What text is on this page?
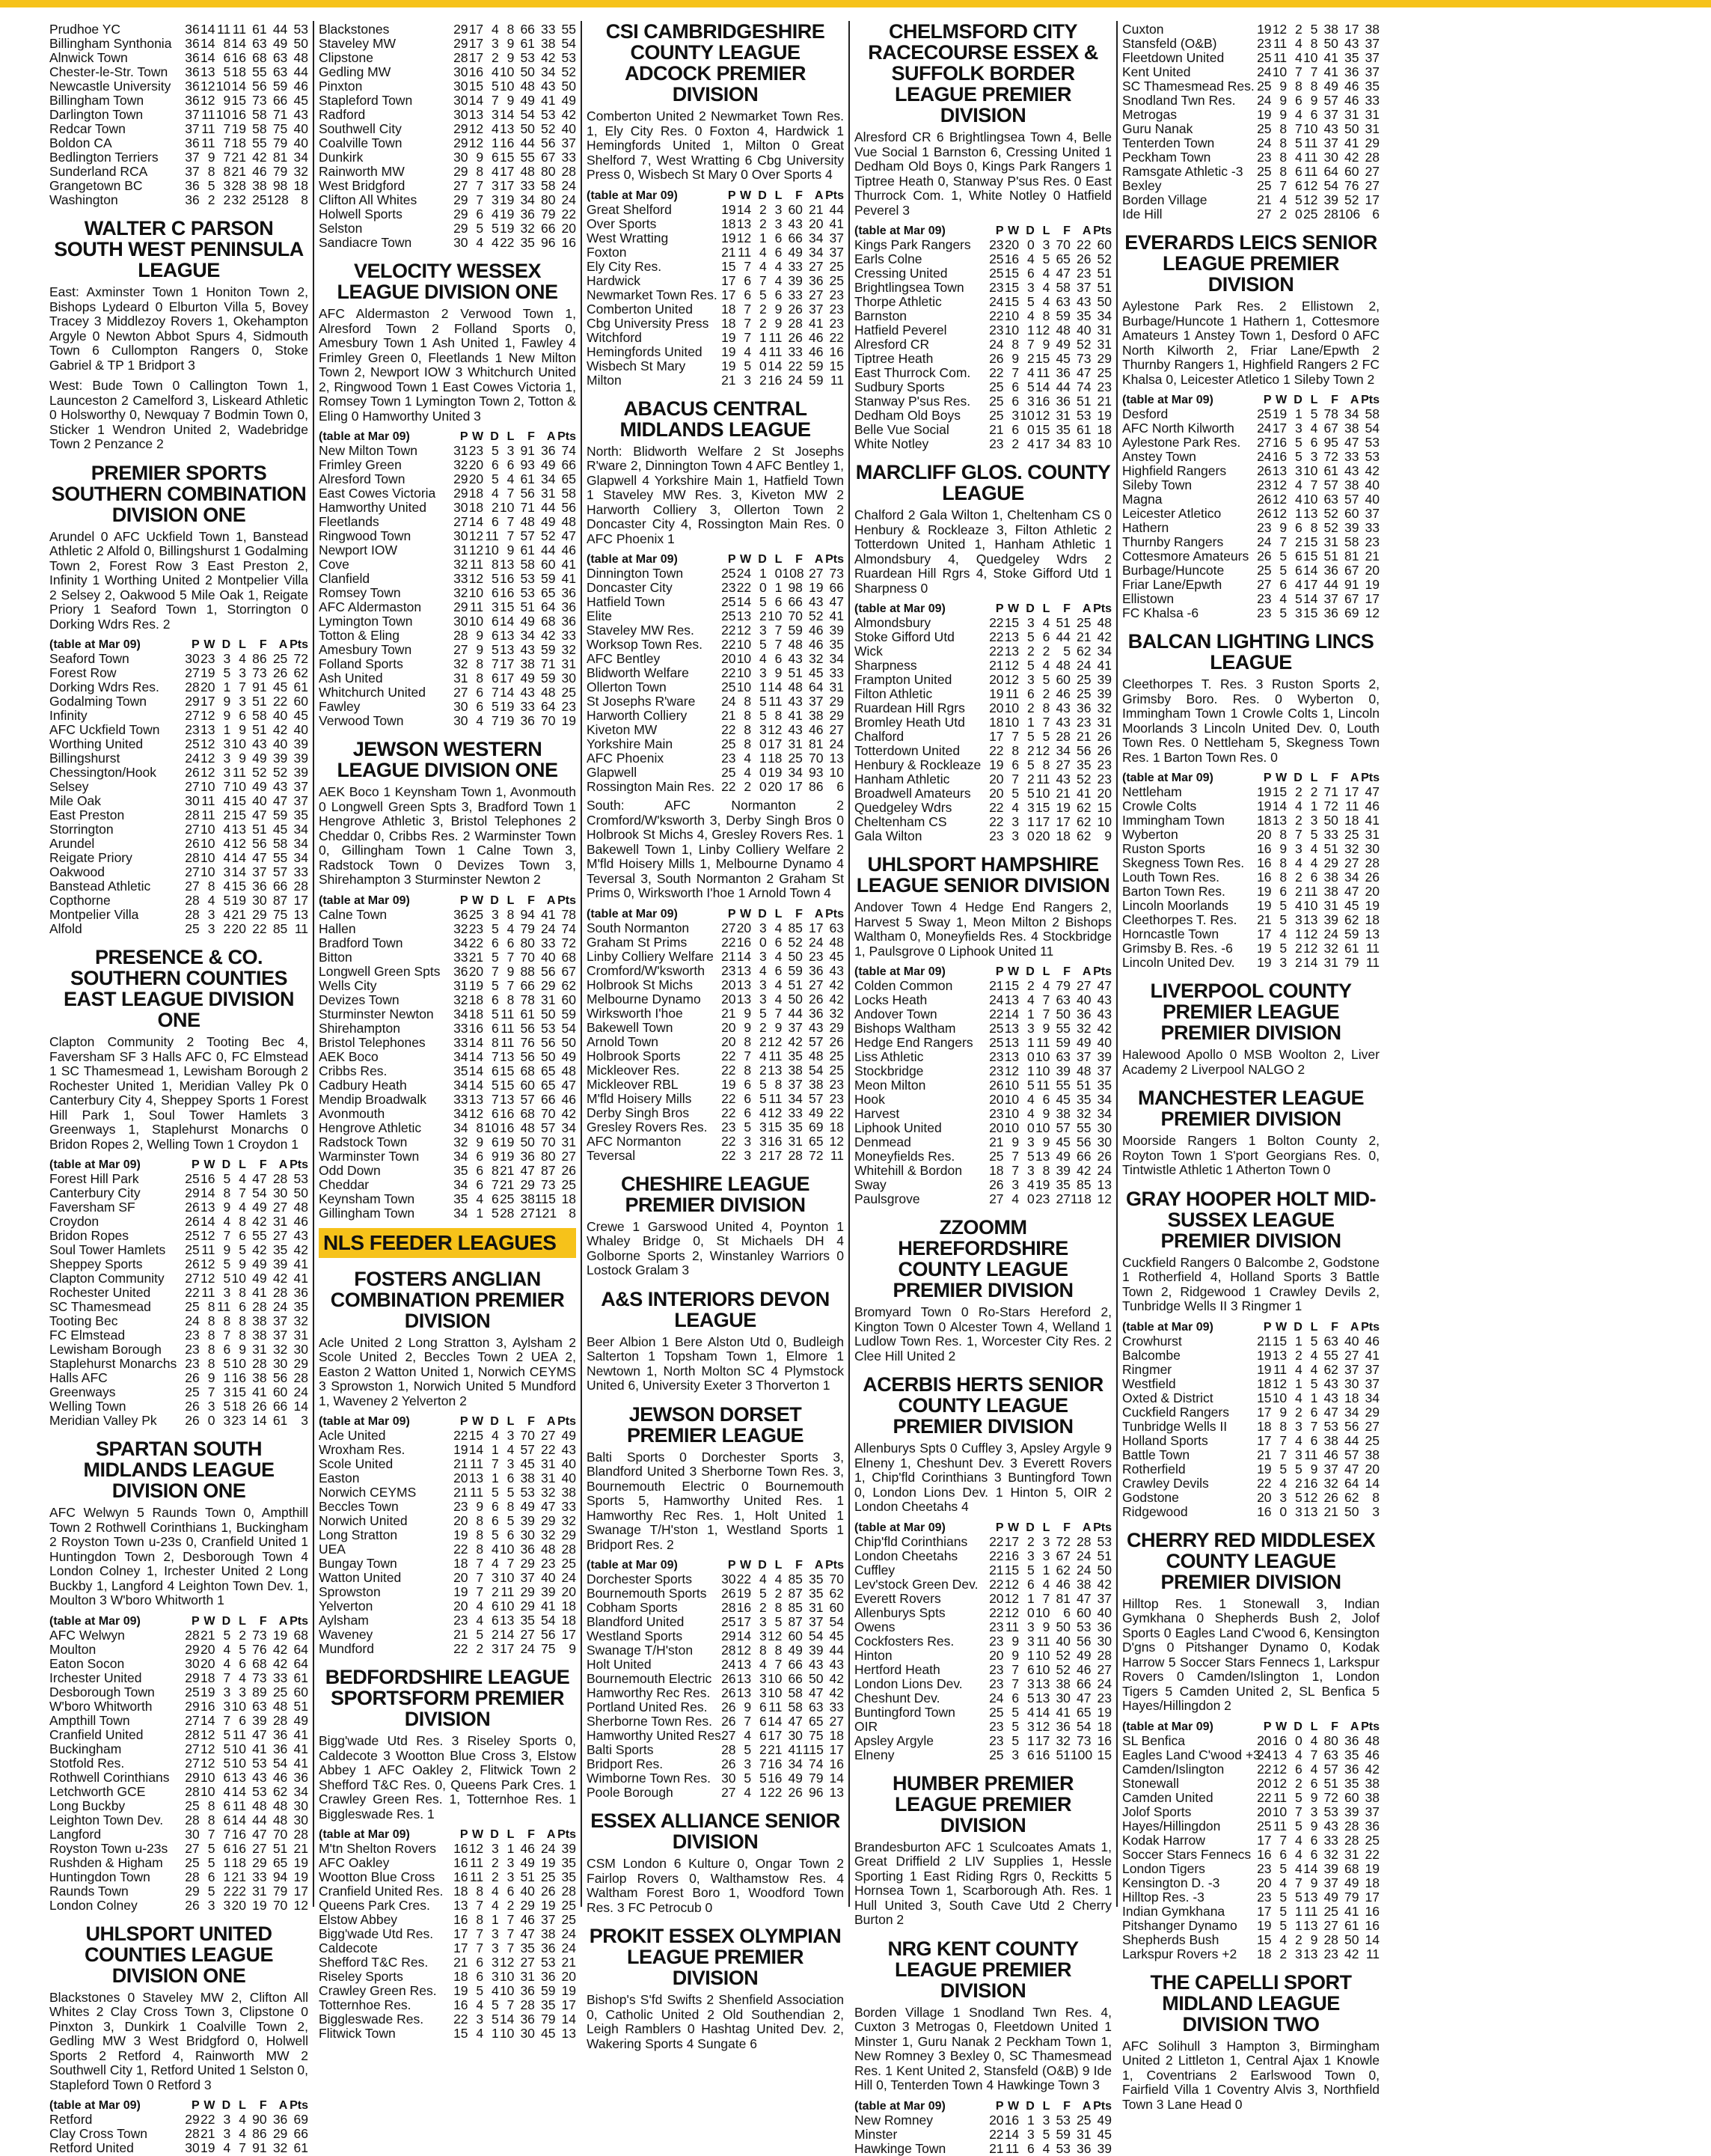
Prudhoe YC	36	14	11	11	61	44	53
Billingham Synthonia	36	14	8	14	63	49	50
Alnwick Town	36	14	6	16	68	63	48
Chester-le-Str. Town	36	13	5	18	55	63	44
Newcastle University	36	12	10	14	56	59	46
Billingham Town	36	12	9	15	73	66	45
Darlington Town	37	11	10	16	58	71	43
Redcar Town	37	11	7	19	58	75	40
Boldon CA	36	11	7	18	55	79	40
Bedlington Terriers	37	9	7	21	42	81	34
Sunderland RCA	37	8	8	21	46	79	32
Grangetown BC	36	5	3	28	38	98	18
Washington	36	2	2	32	25	128	8
WALTER C PARSON SOUTH WEST PENINSULA LEAGUE
East: Axminster Town 1 Honiton Town 2, Bishops Lydeard 0 Elburton Villa 5, Bovey Tracey 3 Middlezoy Rovers 1, Okehampton Argyle 0 Newton Abbot Spurs 4, Sidmouth Town 6 Cullompton Rangers 0, Stoke Gabriel & TP 1 Bridport 3
West: Bude Town 0 Callington Town 1, Launceston 2 Camelford 3, Liskeard Athletic 0 Holsworthy 0, Newquay 7 Bodmin Town 0, Sticker 1 Wendron United 2, Wadebridge Town 2 Penzance 2
PREMIER SPORTS SOUTHERN COMBINATION DIVISION ONE
Arundel 0 AFC Uckfield Town 1, Banstead Athletic 2 Alfold 0, Billingshurst 1 Godalming Town 2, Forest Row 3 East Preston 2, Infinity 1 Worthing United 2 Montpelier Villa 2 Selsey 2, Oakwood 5 Mile Oak 1, Reigate Priory 1 Seaford Town 1, Storrington 0 Dorking Wdrs Res. 2
(table at Mar 09)	P	W	D	L	F	A	Pts
Seaford Town	30	23	3	4	86	25	72
Forest Row	27	19	5	3	73	26	62
Dorking Wdrs Res.	28	20	1	7	91	45	61
Godalming Town	29	17	9	3	51	22	60
Infinity	27	12	9	6	58	40	45
AFC Uckfield Town	23	13	1	9	51	42	40
Worthing United	25	12	3	10	43	40	39
Billingshurst	24	12	3	9	49	39	39
Chessington/Hook	26	12	3	11	52	52	39
Selsey	27	10	7	10	49	43	37
Mile Oak	30	11	4	15	40	47	37
East Preston	28	11	2	15	47	59	35
Storrington	27	10	4	13	51	45	34
Arundel	26	10	4	12	56	58	34
Reigate Priory	28	10	4	14	47	55	34
Oakwood	27	10	3	14	37	57	33
Banstead Athletic	27	8	4	15	36	66	28
Copthorne	28	4	5	19	30	87	17
Montpelier Villa	28	3	4	21	29	75	13
Alfold	25	3	2	20	22	85	11
PRESENCE & CO. SOUTHERN COUNTIES EAST LEAGUE DIVISION ONE
Clapton Community 2 Tooting Bec 4, Faversham SF 3 Halls AFC 0, FC Elmstead 1 SC Thamesmead 1, Lewisham Borough 2 Rochester United 1, Meridian Valley Pk 0 Canterbury City 4, Sheppey Sports 1 Forest Hill Park 1, Soul Tower Hamlets 3 Greenways 1, Staplehurst Monarchs 0 Bridon Ropes 2, Welling Town 1 Croydon 1
(table at Mar 09)	P	W	D	L	F	A	Pts
Forest Hill Park	25	16	5	4	47	28	53
Canterbury City	29	14	8	7	54	30	50
Faversham SF	26	13	9	4	49	27	48
Croydon	26	14	4	8	42	31	46
Bridon Ropes	25	12	7	6	55	27	43
Soul Tower Hamlets	25	11	9	5	42	35	42
Sheppey Sports	26	12	5	9	49	39	41
Clapton Community	27	12	5	10	49	42	41
Rochester United	22	11	3	8	41	28	36
SC Thamesmead	25	8	11	6	28	24	35
Tooting Bec	24	8	8	8	38	37	32
FC Elmstead	23	8	7	8	38	37	31
Lewisham Borough	23	8	6	9	31	32	30
Staplehurst Monarchs	23	8	5	10	28	30	29
Halls AFC	26	9	1	16	38	56	28
Greenways	25	7	3	15	41	60	24
Welling Town	26	3	5	18	26	66	14
Meridian Valley Pk	26	0	3	23	14	61	3
SPARTAN SOUTH MIDLANDS LEAGUE DIVISION ONE
AFC Welwyn 5 Raunds Town 0, Ampthill Town 2 Rothwell Corinthians 1, Buckingham 2 Royston Town u-23s 0, Cranfield United 1 Huntingdon Town 2, Desborough Town 4 London Colney 1, Irchester United 2 Long Buckby 1, Langford 4 Leighton Town Dev. 1, Moulton 3 W'boro Whitworth 1
(table at Mar 09)	P	W	D	L	F	A	Pts
AFC Welwyn	28	21	5	2	73	19	68
Moulton	29	20	4	5	76	42	64
Eaton Socon	30	20	4	6	68	42	64
Irchester United	29	18	7	4	73	33	61
Desborough Town	25	19	3	3	89	25	60
W'boro Whitworth	29	16	3	10	63	48	51
Ampthill Town	27	14	7	6	39	28	49
Cranfield United	28	12	5	11	47	36	41
Buckingham	27	12	5	10	41	36	41
Stotfold Res.	27	12	5	10	53	54	41
Rothwell Corinthians	29	10	6	13	43	46	36
Letchworth GCE	28	10	4	14	53	62	34
Long Buckby	25	8	6	11	48	48	30
Leighton Town Dev.	28	8	6	14	44	48	30
Langford	30	7	7	16	47	70	28
Royston Town u-23s	27	5	6	16	27	51	21
Rushden & Higham	25	5	1	18	29	65	19
Huntingdon Town	28	6	1	21	33	94	19
Raunds Town	29	5	2	22	31	79	17
London Colney	26	3	3	20	19	70	12
UHLSPORT UNITED COUNTIES LEAGUE DIVISION ONE
Blackstones 0 Staveley MW 2, Clifton All Whites 2 Clay Cross Town 3, Clipstone 0 Pinxton 3, Dunkirk 1 Coalville Town 2, Gedling MW 3 West Bridgford 0, Holwell Sports 2 Retford 4, Rainworth MW 2 Southwell City 1, Retford United 1 Selston 0, Stapleford Town 0 Retford 3
(table at Mar 09)	P	W	D	L	F	A	Pts
Retford	29	22	3	4	90	36	69
Clay Cross Town	28	21	3	4	86	29	66
Retford United	30	19	4	7	91	32	61
Blackstones	29	17	4	8	66	33	55
Staveley MW	29	17	3	9	61	38	54
Clipstone	28	17	2	9	53	42	53
Gedling MW	30	16	4	10	50	34	52
Pinxton	30	15	5	10	48	43	50
Stapleford Town	30	14	7	9	49	41	49
Radford	30	13	3	14	54	53	42
Southwell City	29	12	4	13	50	52	40
Coalville Town	29	12	1	16	44	56	37
Dunkirk	30	9	6	15	55	67	33
Rainworth MW	29	8	4	17	48	80	28
West Bridgford	27	7	3	17	33	58	24
Clifton All Whites	29	7	3	19	34	80	24
Holwell Sports	29	6	4	19	36	79	22
Selston	29	5	5	19	32	66	20
Sandiacre Town	30	4	4	22	35	96	16
VELOCITY WESSEX LEAGUE DIVISION ONE
AFC Aldermaston 2 Verwood Town 1, Alresford Town 2 Folland Sports 0, Amesbury Town 1 Ash United 1, Fawley 4 Frimley Green 0, Fleetlands 1 New Milton Town 2, Newport IOW 3 Whitchurch United 2, Ringwood Town 1 East Cowes Victoria 1, Romsey Town 1 Lymington Town 2, Totton & Eling 0 Hamworthy United 3
(table at Mar 09)	P	W	D	L	F	A	Pts
New Milton Town	31	23	5	3	91	36	74
Frimley Green	32	20	6	6	93	49	66
Alresford Town	29	20	5	4	61	34	65
East Cowes Victoria	29	18	4	7	56	31	58
Hamworthy United	30	18	2	10	71	44	56
Fleetlands	27	14	6	7	48	49	48
Ringwood Town	30	12	11	7	57	52	47
Newport IOW	31	12	10	9	61	44	46
Cove	32	11	8	13	58	60	41
Clanfield	33	12	5	16	53	59	41
Romsey Town	32	10	6	16	53	65	36
AFC Aldermaston	29	11	3	15	51	64	36
Lymington Town	30	10	6	14	49	68	36
Totton & Eling	28	9	6	13	34	42	33
Amesbury Town	27	9	5	13	43	59	32
Folland Sports	32	8	7	17	38	71	31
Ash United	31	8	6	17	49	59	30
Whitchurch United	27	6	7	14	43	48	25
Fawley	30	6	5	19	33	64	23
Verwood Town	30	4	7	19	36	70	19
JEWSON WESTERN LEAGUE DIVISION ONE
AEK Boco 1 Keynsham Town 1, Avonmouth 0 Longwell Green Spts 3, Bradford Town 1 Hengrove Athletic 3, Bristol Telephones 2 Cheddar 0, Cribbs Res. 2 Warminster Town 0, Gillingham Town 1 Calne Town 3, Radstock Town 0 Devizes Town 3, Shirehampton 3 Sturminster Newton 2
(table at Mar 09)	P	W	D	L	F	A	Pts
Calne Town	36	25	3	8	94	41	78
Hallen	32	23	5	4	79	24	74
Bradford Town	34	22	6	6	80	33	72
Bitton	33	21	5	7	70	40	68
Longwell Green Spts	36	20	7	9	88	56	67
Wells City	31	19	5	7	66	29	62
Devizes Town	32	18	6	8	78	31	60
Sturminster Newton	34	18	5	11	61	50	59
Shirehampton	33	16	6	11	56	53	54
Bristol Telephones	33	14	8	11	76	56	50
AEK Boco	34	14	7	13	56	50	49
Cribbs Res.	35	14	6	15	68	65	48
Cadbury Heath	34	14	5	15	60	65	47
Mendip Broadwalk	33	13	7	13	57	66	46
Avonmouth	34	12	6	16	68	70	42
Hengrove Athletic	34	8	10	16	48	57	34
Radstock Town	32	9	6	19	50	70	31
Warminster Town	34	6	9	19	36	80	27
Odd Down	35	6	8	21	47	87	26
Cheddar	34	6	7	21	29	73	25
Keynsham Town	35	4	6	25	38	115	18
Gillingham Town	34	1	5	28	27	121	8
NLS FEEDER LEAGUES
FOSTERS ANGLIAN COMBINATION PREMIER DIVISION
Acle United 2 Long Stratton 3, Aylsham 2 Scole United 2, Beccles Town 2 UEA 2, Easton 2 Watton United 1, Norwich CEYMS 3 Sprowston 1, Norwich United 5 Mundford 1, Waveney 2 Yelverton 2
(table at Mar 09)	P	W	D	L	F	A	Pts
Acle United	22	15	4	3	70	27	49
Wroxham Res.	19	14	1	4	57	22	43
Scole United	21	11	7	3	45	31	40
Easton	20	13	1	6	38	31	40
Norwich CEYMS	21	11	5	5	53	32	38
Beccles Town	23	9	6	8	49	47	33
Norwich United	20	8	6	5	39	29	32
Long Stratton	19	8	5	6	30	32	29
UEA	22	8	4	10	36	48	28
Bungay Town	18	7	4	7	29	23	25
Watton United	20	7	3	10	37	40	24
Sprowston	19	7	2	11	29	39	20
Yelverton	20	4	6	10	29	41	18
Aylsham	23	4	6	13	35	54	18
Waveney	21	5	2	14	27	56	17
Mundford	22	2	3	17	24	75	9
BEDFORDSHIRE LEAGUE SPORTSFORM PREMIER DIVISION
Bigg'wade Utd Res. 3 Riseley Sports 0, Caldecote 3 Wootton Blue Cross 3, Elstow Abbey 1 AFC Oakley 2, Flitwick Town 2 Shefford T&C Res. 0, Queens Park Cres. 1 Crawley Green Res. 1, Totternhoe Res. 1 Biggleswade Res. 1
(table at Mar 09)	P	W	D	L	F	A	Pts
M'tn Shelton Rovers	16	12	3	1	46	24	39
AFC Oakley	16	11	2	3	49	19	35
Wootton Blue Cross	16	11	2	3	51	25	35
Cranfield United Res.	18	8	4	6	40	26	28
Queens Park Cres.	13	7	4	2	29	19	25
Elstow Abbey	16	8	1	7	46	37	25
Bigg'wade Utd Res.	17	7	3	7	47	38	24
Caldecote	17	7	3	7	35	36	24
Shefford T&C Res.	21	6	3	12	27	53	21
Riseley Sports	18	6	3	10	31	36	20
Crawley Green Res.	19	5	4	10	36	59	19
Totternhoe Res.	16	4	5	7	28	35	17
Biggleswade Res.	22	3	5	14	36	79	14
Flitwick Town	15	4	1	10	30	45	13
CSI CAMBRIDGESHIRE COUNTY LEAGUE ADCOCK PREMIER DIVISION
Comberton United 2 Newmarket Town Res. 1, Ely City Res. 0 Foxton 4, Hardwick 1 Hemingfords United 1, Milton 0 Great Shelford 7, West Wratting 6 Cbg University Press 0, Wisbech St Mary 0 Over Sports 4
(table at Mar 09)	P	W	D	L	F	A	Pts
Great Shelford	19	14	2	3	60	21	44
Over Sports	18	13	2	3	43	20	41
West Wratting	19	12	1	6	66	34	37
Foxton	21	11	4	6	49	34	37
Ely City Res.	15	7	4	4	33	27	25
Hardwick	17	6	7	4	39	36	25
Newmarket Town Res.	17	6	5	6	33	27	23
Comberton United	18	7	2	9	26	37	23
Cbg University Press	18	7	2	9	28	41	23
Witchford	19	7	1	11	26	46	22
Hemingfords United	19	4	4	11	33	46	16
Wisbech St Mary	19	5	0	14	22	59	15
Milton	21	3	2	16	24	59	11
ABACUS CENTRAL MIDLANDS LEAGUE
North: Blidworth Welfare 2 St Josephs R'ware 2, Dinnington Town 4 AFC Bentley 1, Glapwell 4 Yorkshire Main 1, Hatfield Town 1 Staveley MW Res. 3, Kiveton MW 2 Harworth Colliery 3, Ollerton Town 2 Doncaster City 4, Rossington Main Res. 0 AFC Phoenix 1
(table at Mar 09)	P	W	D	L	F	A	Pts
Dinnington Town	25	24	1	0	108	27	73
Doncaster City	23	22	0	1	98	19	66
Hatfield Town	25	14	5	6	66	43	47
Elite	25	13	2	10	70	52	41
Staveley MW Res.	22	12	3	7	59	46	39
Worksop Town Res.	22	10	5	7	48	46	35
AFC Bentley	20	10	4	6	43	32	34
Blidworth Welfare	22	10	3	9	51	45	33
Ollerton Town	25	10	1	14	48	64	31
St Josephs R'ware	24	8	5	11	43	37	29
Harworth Colliery	21	8	5	8	41	38	29
Kiveton MW	22	8	3	12	43	46	27
Yorkshire Main	25	8	0	17	31	81	24
AFC Phoenix	23	4	1	18	25	70	13
Glapwell	25	4	0	19	34	93	10
Rossington Main Res.	22	2	0	20	17	86	6
South: AFC Normanton 2 Cromford/W'ksworth 3, Derby Singh Bros 0 Holbrook St Michs 4, Gresley Rovers Res. 1 Bakewell Town 1, Linby Colliery Welfare 2 M'fld Hoisery Mills 1, Melbourne Dynamo 4 Teversal 3, South Normanton 2 Graham St Prims 0, Wirksworth I'hoe 1 Arnold Town 4
(table at Mar 09)	P	W	D	L	F	A	Pts
South Normanton	27	20	3	4	85	17	63
Graham St Prims	22	16	0	6	52	24	48
Linby Colliery Welfare	21	14	3	4	50	23	45
Cromford/W'ksworth	23	13	4	6	59	36	43
Holbrook St Michs	20	13	3	4	51	27	42
Melbourne Dynamo	20	13	3	4	50	26	42
Wirksworth I'hoe	21	9	5	7	44	36	32
Bakewell Town	20	9	2	9	37	43	29
Arnold Town	20	8	2	12	42	57	26
Holbrook Sports	22	7	4	11	35	48	25
Mickleover Res.	22	8	2	13	38	54	25
Mickleover RBL	19	6	5	8	37	38	23
M'fld Hoisery Mills	22	6	5	11	34	57	23
Derby Singh Bros	22	6	4	12	33	49	22
Gresley Rovers Res.	23	5	3	15	35	69	18
AFC Normanton	22	3	3	16	31	65	12
Teversal	22	3	2	17	28	72	11
CHESHIRE LEAGUE PREMIER DIVISION
Crewe 1 Garswood United 4, Poynton 1 Whaley Bridge 0, St Michaels DH 4 Golborne Sports 2, Winstanley Warriors 0 Lostock Gralam 3
A&S INTERIORS DEVON LEAGUE
Beer Albion 1 Bere Alston Utd 0, Budleigh Salterton 1 Topsham Town 1, Elmore 1 Newtown 1, North Molton SC 4 Plymstock United 6, University Exeter 3 Thorverton 1
JEWSON DORSET PREMIER LEAGUE
Balti Sports 0 Dorchester Sports 3, Blandford United 3 Sherborne Town Res. 3, Bournemouth Electric 0 Bournemouth Sports 5, Hamworthy United Res. 1 Hamworthy Rec Res. 1, Holt United 1 Swanage T/H'ston 1, Westland Sports 1 Bridport Res. 2
(table at Mar 09)	P	W	D	L	F	A	Pts
Dorchester Sports	30	22	4	4	85	35	70
Bournemouth Sports	26	19	5	2	87	35	62
Cobham Sports	28	16	2	8	85	31	60
Blandford United	25	17	3	5	87	37	54
Westland Sports	29	14	3	12	60	54	45
Swanage T/H'ston	28	12	8	8	49	39	44
Holt United	24	13	4	7	66	43	43
Bournemouth Electric	26	13	3	10	66	50	42
Hamworthy Rec Res.	26	13	3	10	58	47	42
Portland United Res.	26	9	6	11	58	63	33
Sherborne Town Res.	26	7	6	14	47	65	27
Hamworthy United Res.	27	4	6	17	30	75	18
Balti Sports	28	5	2	21	41	115	17
Bridport Res.	26	3	7	16	34	74	16
Wimborne Town Res.	30	5	5	16	49	79	14
Poole Borough	27	4	1	22	26	96	13
ESSEX ALLIANCE SENIOR DIVISION
CSM London 6 Kulture 0, Ongar Town 2 Fairlop Rovers 0, Walthamstow Res. 4 Waltham Forest Boro 1, Woodford Town Res. 3 FC Petrocub 0
PROKIT ESSEX OLYMPIAN LEAGUE PREMIER DIVISION
Bishop's S'fd Swifts 2 Shenfield Association 0, Catholic United 2 Old Southendian 2, Leigh Ramblers 0 Hashtag United Dev. 2, Wakering Sports 4 Sungate 6
CHELMSFORD CITY RACECOURSE ESSEX & SUFFOLK BORDER LEAGUE PREMIER DIVISION
Alresford CR 6 Brightlingsea Town 4, Belle Vue Social 1 Barnston 6, Cressing United 1 Dedham Old Boys 0, Kings Park Rangers 1 Tiptree Heath 0, Stanway P'sus Res. 0 East Thurrock Com. 1, White Notley 0 Hatfield Peverel 3
(table at Mar 09)	P	W	D	L	F	A	Pts
Kings Park Rangers	23	20	0	3	70	22	60
Earls Colne	25	16	4	5	65	26	52
Cressing United	25	15	6	4	47	23	51
Brightlingsea Town	23	15	3	4	58	37	51
Thorpe Athletic	24	15	5	4	63	43	50
Barnston	22	10	4	8	59	35	34
Hatfield Peverel	23	10	1	12	48	40	31
Alresford CR	24	8	7	9	49	52	31
Tiptree Heath	26	9	2	15	45	73	29
East Thurrock Com.	22	7	4	11	36	47	25
Sudbury Sports	25	6	5	14	44	74	23
Stanway P'sus Res.	25	6	3	16	36	51	21
Dedham Old Boys	25	3	10	12	31	53	19
Belle Vue Social	21	6	0	15	35	61	18
White Notley	23	2	4	17	34	83	10
MARCLIFF GLOS. COUNTY LEAGUE
Chalford 2 Gala Wilton 1, Cheltenham CS 0 Henbury & Rockleaze 3, Filton Athletic 2 Totterdown United 1, Hanham Athletic 1 Almondsbury 4, Quedgeley Wdrs 2 Ruardean Hill Rgrs 4, Stoke Gifford Utd 1 Sharpness 0
(table at Mar 09)	P	W	D	L	F	A	Pts
Almondsbury	22	15	3	4	51	25	48
Stoke Gifford Utd	22	13	5	6	44	21	42
Wick	22	13	2	2	5	62	34
Sharpness	21	12	5	4	48	24	41
Frampton United	20	12	3	5	60	25	39
Filton Athletic	19	11	6	2	46	25	39
Ruardean Hill Rgrs	20	10	2	8	43	36	32
Bromley Heath Utd	18	10	1	7	43	23	31
Chalford	17	7	5	5	28	21	26
Totterdown United	22	8	2	12	34	56	26
Henbury & Rockleaze	19	6	5	8	27	35	23
Hanham Athletic	20	7	2	11	43	52	23
Broadwell Amateurs	20	5	5	10	21	41	20
Quedgeley Wdrs	22	4	3	15	19	62	15
Cheltenham CS	22	3	1	17	17	62	10
Gala Wilton	23	3	0	20	18	62	9
UHLSPORT HAMPSHIRE LEAGUE SENIOR DIVISION
Andover Town 4 Hedge End Rangers 2, Harvest 5 Sway 1, Meon Milton 2 Bishops Waltham 0, Moneyfields Res. 4 Stockbridge 1, Paulsgrove 0 Liphook United 11
(table at Mar 09)	P	W	D	L	F	A	Pts
Colden Common	21	15	2	4	79	27	47
Locks Heath	24	13	4	7	63	40	43
Andover Town	22	14	1	7	50	36	43
Bishops Waltham	25	13	3	9	55	32	42
Hedge End Rangers	25	13	1	11	59	49	40
Liss Athletic	23	13	0	10	63	37	39
Stockbridge	23	12	1	10	39	48	37
Meon Milton	26	10	5	11	55	51	35
Hook	20	10	4	6	45	35	34
Harvest	23	10	4	9	38	32	34
Liphook United	20	10	0	10	57	55	30
Denmead	21	9	3	9	45	56	30
Moneyfields Res.	25	7	5	13	49	66	26
Whitehill & Bordon	18	7	3	8	39	42	24
Sway	26	3	4	19	35	85	13
Paulsgrove	27	4	0	23	27	118	12
ZZOOMM HEREFORDSHIRE COUNTY LEAGUE PREMIER DIVISION
Bromyard Town 0 Ro-Stars Hereford 2, Kington Town 0 Alcester Town 4, Welland 1 Ludlow Town Res. 1, Worcester City Res. 2 Clee Hill United 2
ACERBIS HERTS SENIOR COUNTY LEAGUE PREMIER DIVISION
Allenburys Spts 0 Cuffley 3, Apsley Argyle 9 Elneny 1, Cheshunt Dev. 3 Everett Rovers 1, Chip'fld Corinthians 3 Buntingford Town 0, London Lions Dev. 1 Hinton 5, OIR 2 London Cheetahs 4
(table at Mar 09)	P	W	D	L	F	A	Pts
Chip'fld Corinthians	22	17	2	3	72	28	53
London Cheetahs	22	16	3	3	67	24	51
Cuffley	21	15	5	1	62	24	50
Lev'stock Green Dev.	22	12	6	4	46	38	42
Everett Rovers	20	12	1	7	81	47	37
Allenburys Spts	22	12	0	10	6	60	40
Owens	23	11	3	9	50	53	36
Cockfosters Res.	23	9	3	11	40	56	30
Hinton	20	9	1	10	52	49	28
Hertford Heath	23	7	6	10	52	46	27
London Lions Dev.	23	7	3	13	38	66	24
Cheshunt Dev.	24	6	5	13	30	47	23
Buntingford Town	25	5	4	14	41	65	19
OIR	23	5	3	12	36	54	18
Apsley Argyle	23	5	1	17	32	73	16
Elneny	25	3	6	16	51	100	15
HUMBER PREMIER LEAGUE PREMIER DIVISION
Brandesburton AFC 1 Sculcoates Amats 1, Great Driffield 2 LIV Supplies 1, Hessle Sporting 1 East Riding Rgrs 0, Reckitts 5 Hornsea Town 1, Scarborough Ath. Res. 1 Hull United 3, South Cave Utd 2 Cherry Burton 2
NRG KENT COUNTY LEAGUE PREMIER DIVISION
Borden Village 1 Snodland Twn Res. 4, Cuxton 3 Metrogas 0, Fleetdown United 1 Minster 1, Guru Nanak 2 Peckham Town 1, New Romney 3 Bexley 0, SC Thamesmead Res. 1 Kent United 2, Stansfeld (O&B) 9 Ide Hill 0, Tenterden Town 4 Hawkinge Town 3
(table at Mar 09)	P	W	D	L	F	A	Pts
New Romney	20	16	1	3	53	25	49
Minster	22	14	3	5	59	31	45
Hawkinge Town	21	11	6	4	53	36	39
Cuxton	19	12	2	5	38	17	38
Stansfeld (O&B)	23	11	4	8	50	43	37
Fleetdown United	25	11	4	10	41	35	37
Kent United	24	10	7	7	41	36	37
SC Thamesmead Res.	25	9	8	8	49	46	35
Snodland Twn Res.	24	9	6	9	57	46	33
Metrogas	19	9	4	6	37	31	31
Guru Nanak	25	8	7	10	43	50	31
Tenterden Town	24	8	5	11	37	41	29
Peckham Town	23	8	4	11	30	42	28
Ramsgate Athletic -3	25	8	6	11	64	60	27
Bexley	25	7	6	12	54	76	27
Borden Village	21	4	5	12	39	52	17
Ide Hill	27	2	0	25	28	106	6
EVERARDS LEICS SENIOR LEAGUE PREMIER DIVISION
Aylestone Park Res. 2 Ellistown 2, Burbage/Huncote 1 Hathern 1, Cottesmore Amateurs 1 Anstey Town 1, Desford 0 AFC North Kilworth 2, Friar Lane/Epwth 2 Thurnby Rangers 1, Highfield Rangers 2 FC Khalsa 0, Leicester Atletico 1 Sileby Town 2
(table at Mar 09)	P	W	D	L	F	A	Pts
Desford	25	19	1	5	78	34	58
AFC North Kilworth	24	17	3	4	67	38	54
Aylestone Park Res.	27	16	5	6	95	47	53
Anstey Town	24	16	5	3	72	33	53
Highfield Rangers	26	13	3	10	61	43	42
Sileby Town	23	12	4	7	57	38	40
Magna	26	12	4	10	63	57	40
Leicester Atletico	26	12	1	13	52	60	37
Hathern	23	9	6	8	52	39	33
Thurnby Rangers	24	7	2	15	31	58	23
Cottesmore Amateurs	26	5	6	15	51	81	21
Burbage/Huncote	25	5	6	14	36	67	20
Friar Lane/Epwth	27	6	4	17	44	91	19
Ellistown	23	4	5	14	37	67	17
FC Khalsa -6	23	5	3	15	36	69	12
BALCAN LIGHTING LINCS LEAGUE
Cleethorpes T. Res. 3 Ruston Sports 2, Grimsby Boro. Res. 0 Wyberton 0, Immingham Town 1 Crowle Colts 1, Lincoln Moorlands 3 Lincoln United Dev. 0, Louth Town Res. 0 Nettleham 5, Skegness Town Res. 1 Barton Town Res. 0
(table at Mar 09)	P	W	D	L	F	A	Pts
Nettleham	19	15	2	2	71	17	47
Crowle Colts	19	14	4	1	72	11	46
Immingham Town	18	13	2	3	50	18	41
Wyberton	20	8	7	5	33	25	31
Ruston Sports	16	9	3	4	51	32	30
Skegness Town Res.	16	8	4	4	29	27	28
Louth Town Res.	16	8	2	6	38	34	26
Barton Town Res.	19	6	2	11	38	47	20
Lincoln Moorlands	19	5	4	10	31	45	19
Cleethorpes T. Res.	21	5	3	13	39	62	18
Horncastle Town	17	4	1	12	24	59	13
Grimsby B. Res. -6	19	5	2	12	32	61	11
Lincoln United Dev.	19	3	2	14	31	79	11
LIVERPOOL COUNTY PREMIER LEAGUE PREMIER DIVISION
Halewood Apollo 0 MSB Woolton 2, Liver Academy 2 Liverpool NALGO 2
MANCHESTER LEAGUE PREMIER DIVISION
Moorside Rangers 1 Bolton County 2, Royton Town 1 S'port Georgians Res. 0, Tintwistle Athletic 1 Atherton Town 0
GRAY HOOPER HOLT MID-SUSSEX LEAGUE PREMIER DIVISION
Cuckfield Rangers 0 Balcombe 2, Godstone 1 Rotherfield 4, Holland Sports 3 Battle Town 2, Ridgewood 1 Crawley Devils 2, Tunbridge Wells II 3 Ringmer 1
(table at Mar 09)	P	W	D	L	F	A	Pts
Crowhurst	21	15	1	5	63	40	46
Balcombe	19	13	2	4	55	27	41
Ringmer	19	11	4	4	62	37	37
Westfield	18	12	1	5	43	30	37
Oxted & District	15	10	4	1	43	18	34
Cuckfield Rangers	17	9	2	6	47	34	29
Tunbridge Wells II	18	8	3	7	53	56	27
Holland Sports	17	7	4	6	38	44	25
Battle Town	21	7	3	11	46	57	38
Rotherfield	19	5	5	9	37	47	20
Crawley Devils	22	4	2	16	32	64	14
Godstone	20	3	5	12	26	62	8
Ridgewood	16	0	3	13	21	50	3
CHERRY RED MIDDLESEX COUNTY LEAGUE PREMIER DIVISION
Hilltop Res. 1 Stonewall 3, Indian Gymkhana 0 Shepherds Bush 2, Jolof Sports 0 Eagles Land C'wood 6, Kensington D'gns 0 Pitshanger Dynamo 0, Kodak Harrow 5 Soccer Stars Fennecs 1, Larkspur Rovers 0 Camden/Islington 1, London Tigers 5 Camden United 2, SL Benfica 5 Hayes/Hillingdon 2
(table at Mar 09)	P	W	D	L	F	A	Pts
SL Benfica	20	16	0	4	80	36	48
Eagles Land C'wood +3	24	13	4	7	63	35	46
Camden/Islington	22	12	6	4	57	36	42
Stonewall	20	12	2	6	51	35	38
Camden United	22	11	5	9	72	60	38
Jolof Sports	20	10	7	3	53	39	37
Hayes/Hillingdon	25	11	5	9	43	28	36
Kodak Harrow	17	7	4	6	33	28	25
Soccer Stars Fennecs	16	6	4	6	32	31	22
London Tigers	23	5	4	14	39	68	19
Kensington D. -3	20	4	7	9	37	49	18
Hilltop Res. -3	23	5	5	13	49	79	17
Indian Gymkhana	17	5	1	11	25	41	16
Pitshanger Dynamo	19	5	1	13	27	61	16
Shepherds Bush	15	4	2	9	28	50	14
Larkspur Rovers +2	18	2	3	13	23	42	11
THE CAPELLI SPORT MIDLAND LEAGUE DIVISION TWO
AFC Solihull 3 Hampton 3, Birmingham United 2 Littleton 1, Central Ajax 1 Knowle 1, Coventrians 2 Earlswood Town 0, Fairfield Villa 1 Coventry Alvis 3, Northfield Town 3 Lane Head 0
